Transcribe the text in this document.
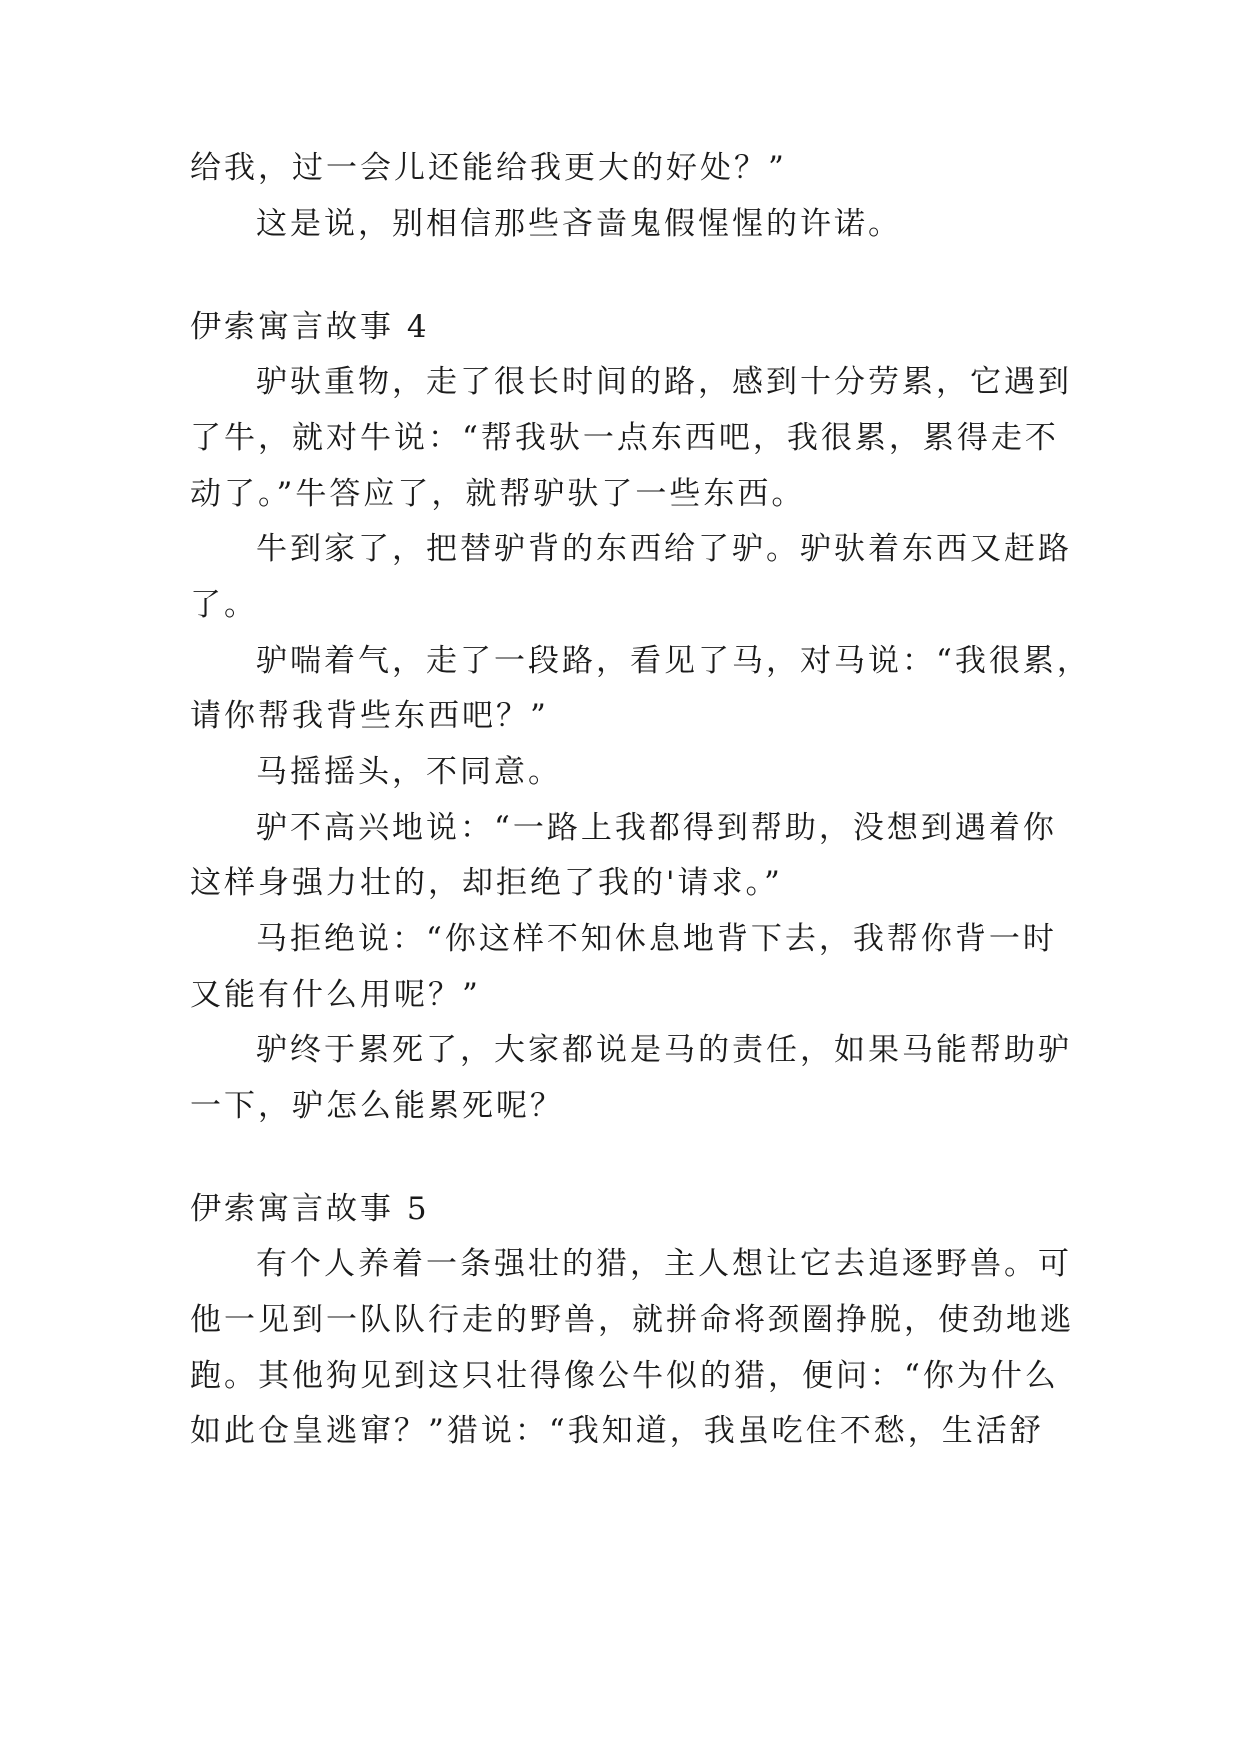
给我，过一会儿还能给我更大的好处？”
这是说，别相信那些吝啬鬼假惺惺的许诺。
伊索寓言故事 4
驴驮重物，走了很长时间的路，感到十分劳累，它遇到
了牛，就对牛说：“帮我驮一点东西吧，我很累，累得走不
动了。”牛答应了，就帮驴驮了一些东西。
牛到家了，把替驴背的东西给了驴。驴驮着东西又赶路
了。
驴喘着气，走了一段路，看见了马，对马说：“我很累，
请你帮我背些东西吧？”
马摇摇头，不同意。
驴不高兴地说：“一路上我都得到帮助，没想到遇着你
这样身强力壮的，却拒绝了我的'请求。”
马拒绝说：“你这样不知休息地背下去，我帮你背一时
又能有什么用呢？”
驴终于累死了，大家都说是马的责任，如果马能帮助驴
一下，驴怎么能累死呢？
伊索寓言故事 5
有个人养着一条强壮的猎，主人想让它去追逐野兽。可
他一见到一队队行走的野兽，就拼命将颈圈挣脱，使劲地逃
跑。其他狗见到这只壮得像公牛似的猎，便问：“你为什么
如此仓皇逃窜？”猎说：“我知道，我虽吃住不愁，生活舒
